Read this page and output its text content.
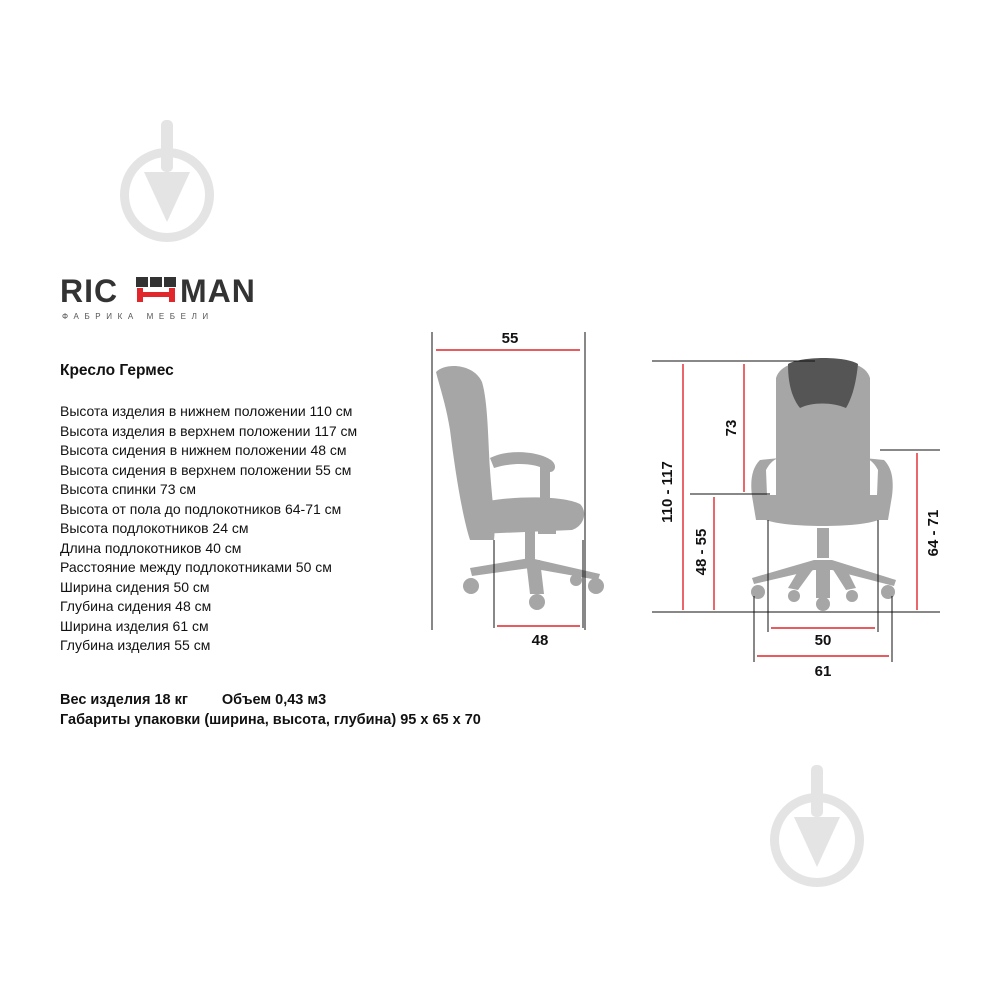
RIC MAN
ФАБРИКА МЕБЕЛИ
Кресло Гермес
Высота изделия в нижнем положении 110 см
Высота изделия в верхнем положении 117 см
Высота сидения в нижнем положении 48 см
Высота сидения в верхнем положении 55 см
Высота спинки 73 см
Высота от пола до подлокотников 64-71 см
Высота подлокотников 24 см
Длина подлокотников 40 см
Расстояние между подлокотниками 50 см
Ширина сидения 50 см
Глубина сидения 48 см
Ширина изделия 61 см
Глубина изделия 55 см
Вес изделия 18 кг Объем 0,43 м3
Габариты упаковки (ширина, высота, глубина) 95 х 65 х 70
55
48
110 - 117
73
48 - 55	64 - 71
50
61
